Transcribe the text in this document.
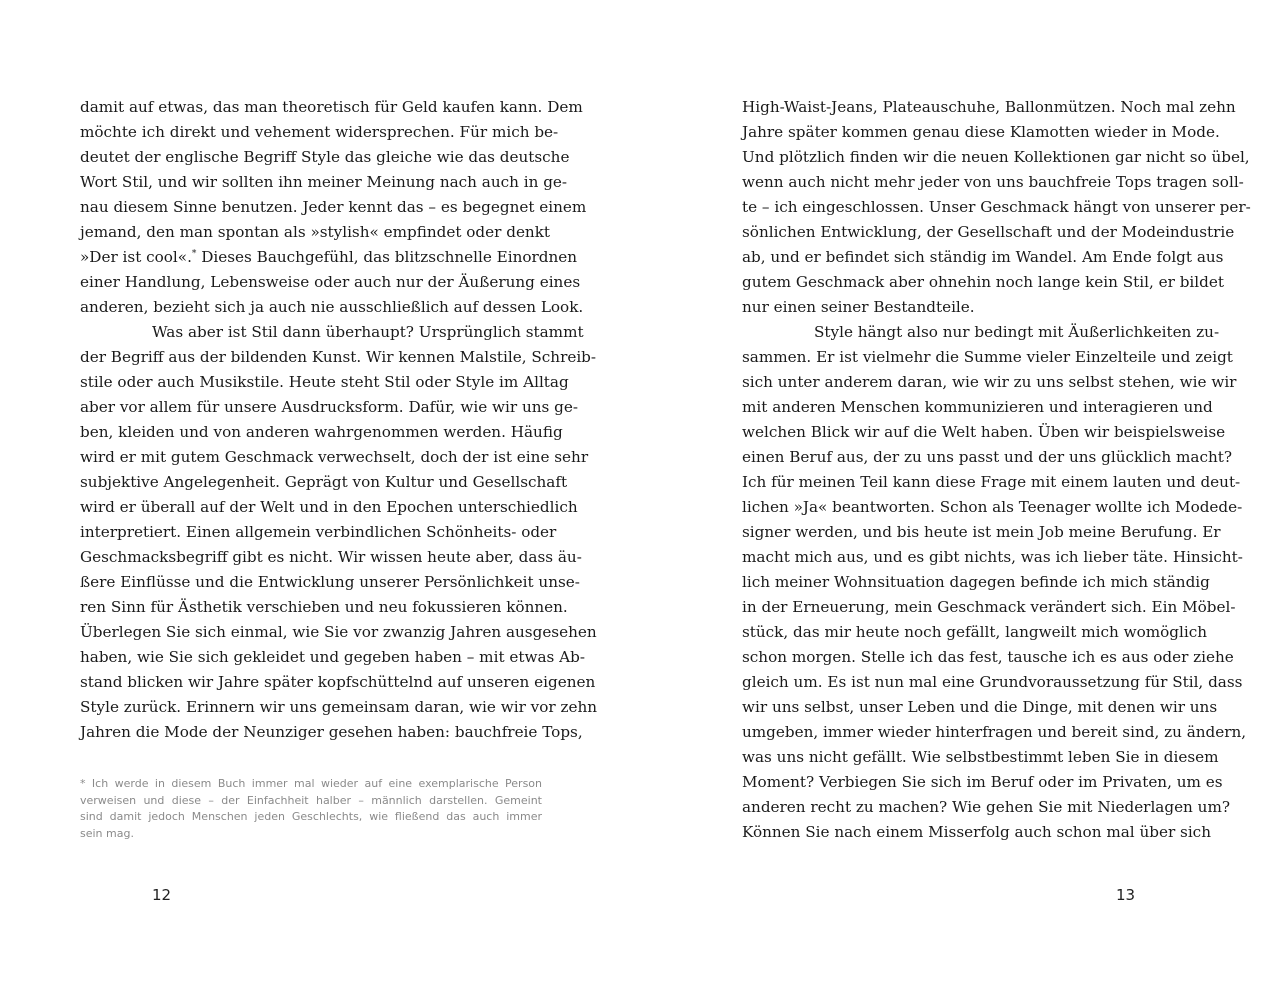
damit auf etwas, das man theoretisch für Geld kaufen kann. Dem
möchte ich direkt und vehement widersprechen. Für mich be-
deutet der englische Begriff Style das gleiche wie das deutsche
Wort Stil, und wir sollten ihn meiner Meinung nach auch in ge-
nau diesem Sinne benutzen. Jeder kennt das – es begegnet einem
jemand, den man spontan als »stylish« empfindet oder denkt
»Der ist cool«.* Dieses Bauchgefühl, das blitzschnelle Einordnen
einer Handlung, Lebensweise oder auch nur der Äußerung eines
anderen, bezieht sich ja auch nie ausschließlich auf dessen Look.
Was aber ist Stil dann überhaupt? Ursprünglich stammt
der Begriff aus der bildenden Kunst. Wir kennen Malstile, Schreib-
stile oder auch Musikstile. Heute steht Stil oder Style im Alltag
aber vor allem für unsere Ausdrucksform. Dafür, wie wir uns ge-
ben, kleiden und von anderen wahrgenommen werden. Häufig
wird er mit gutem Geschmack verwechselt, doch der ist eine sehr
subjektive Angelegenheit. Geprägt von Kultur und Gesellschaft
wird er überall auf der Welt und in den Epochen unterschiedlich
interpretiert. Einen allgemein verbindlichen Schönheits- oder
Geschmacksbegriff gibt es nicht. Wir wissen heute aber, dass äu-
ßere Einflüsse und die Entwicklung unserer Persönlichkeit unse-
ren Sinn für Ästhetik verschieben und neu fokussieren können.
Überlegen Sie sich einmal, wie Sie vor zwanzig Jahren ausgesehen
haben, wie Sie sich gekleidet und gegeben haben – mit etwas Ab-
stand blicken wir Jahre später kopfschüttelnd auf unseren eigenen
Style zurück. Erinnern wir uns gemeinsam daran, wie wir vor zehn
Jahren die Mode der Neunziger gesehen haben: bauchfreie Tops,
* Ich werde in diesem Buch immer mal wieder auf eine exemplarische Person
verweisen und diese – der Einfachheit halber – männlich darstellen. Gemeint
sind damit jedoch Menschen jeden Geschlechts, wie fließend das auch immer
sein mag.
12
High-Waist-Jeans, Plateauschuhe, Ballonmützen. Noch mal zehn
Jahre später kommen genau diese Klamotten wieder in Mode.
Und plötzlich finden wir die neuen Kollektionen gar nicht so übel,
wenn auch nicht mehr jeder von uns bauchfreie Tops tragen soll-
te – ich eingeschlossen. Unser Geschmack hängt von unserer per-
sönlichen Entwicklung, der Gesellschaft und der Modeindustrie
ab, und er befindet sich ständig im Wandel. Am Ende folgt aus
gutem Geschmack aber ohnehin noch lange kein Stil, er bildet
nur einen seiner Bestandteile.
Style hängt also nur bedingt mit Äußerlichkeiten zu-
sammen. Er ist vielmehr die Summe vieler Einzelteile und zeigt
sich unter anderem daran, wie wir zu uns selbst stehen, wie wir
mit anderen Menschen kommunizieren und interagieren und
welchen Blick wir auf die Welt haben. Üben wir beispielsweise
einen Beruf aus, der zu uns passt und der uns glücklich macht?
Ich für meinen Teil kann diese Frage mit einem lauten und deut-
lichen »Ja« beantworten. Schon als Teenager wollte ich Modede-
signer werden, und bis heute ist mein Job meine Berufung. Er
macht mich aus, und es gibt nichts, was ich lieber täte. Hinsicht-
lich meiner Wohnsituation dagegen befinde ich mich ständig
in der Erneuerung, mein Geschmack verändert sich. Ein Möbel-
stück, das mir heute noch gefällt, langweilt mich womöglich
schon morgen. Stelle ich das fest, tausche ich es aus oder ziehe
gleich um. Es ist nun mal eine Grundvoraussetzung für Stil, dass
wir uns selbst, unser Leben und die Dinge, mit denen wir uns
umgeben, immer wieder hinterfragen und bereit sind, zu ändern,
was uns nicht gefällt. Wie selbstbestimmt leben Sie in diesem
Moment? Verbiegen Sie sich im Beruf oder im Privaten, um es
anderen recht zu machen? Wie gehen Sie mit Niederlagen um?
Können Sie nach einem Misserfolg auch schon mal über sich
13
